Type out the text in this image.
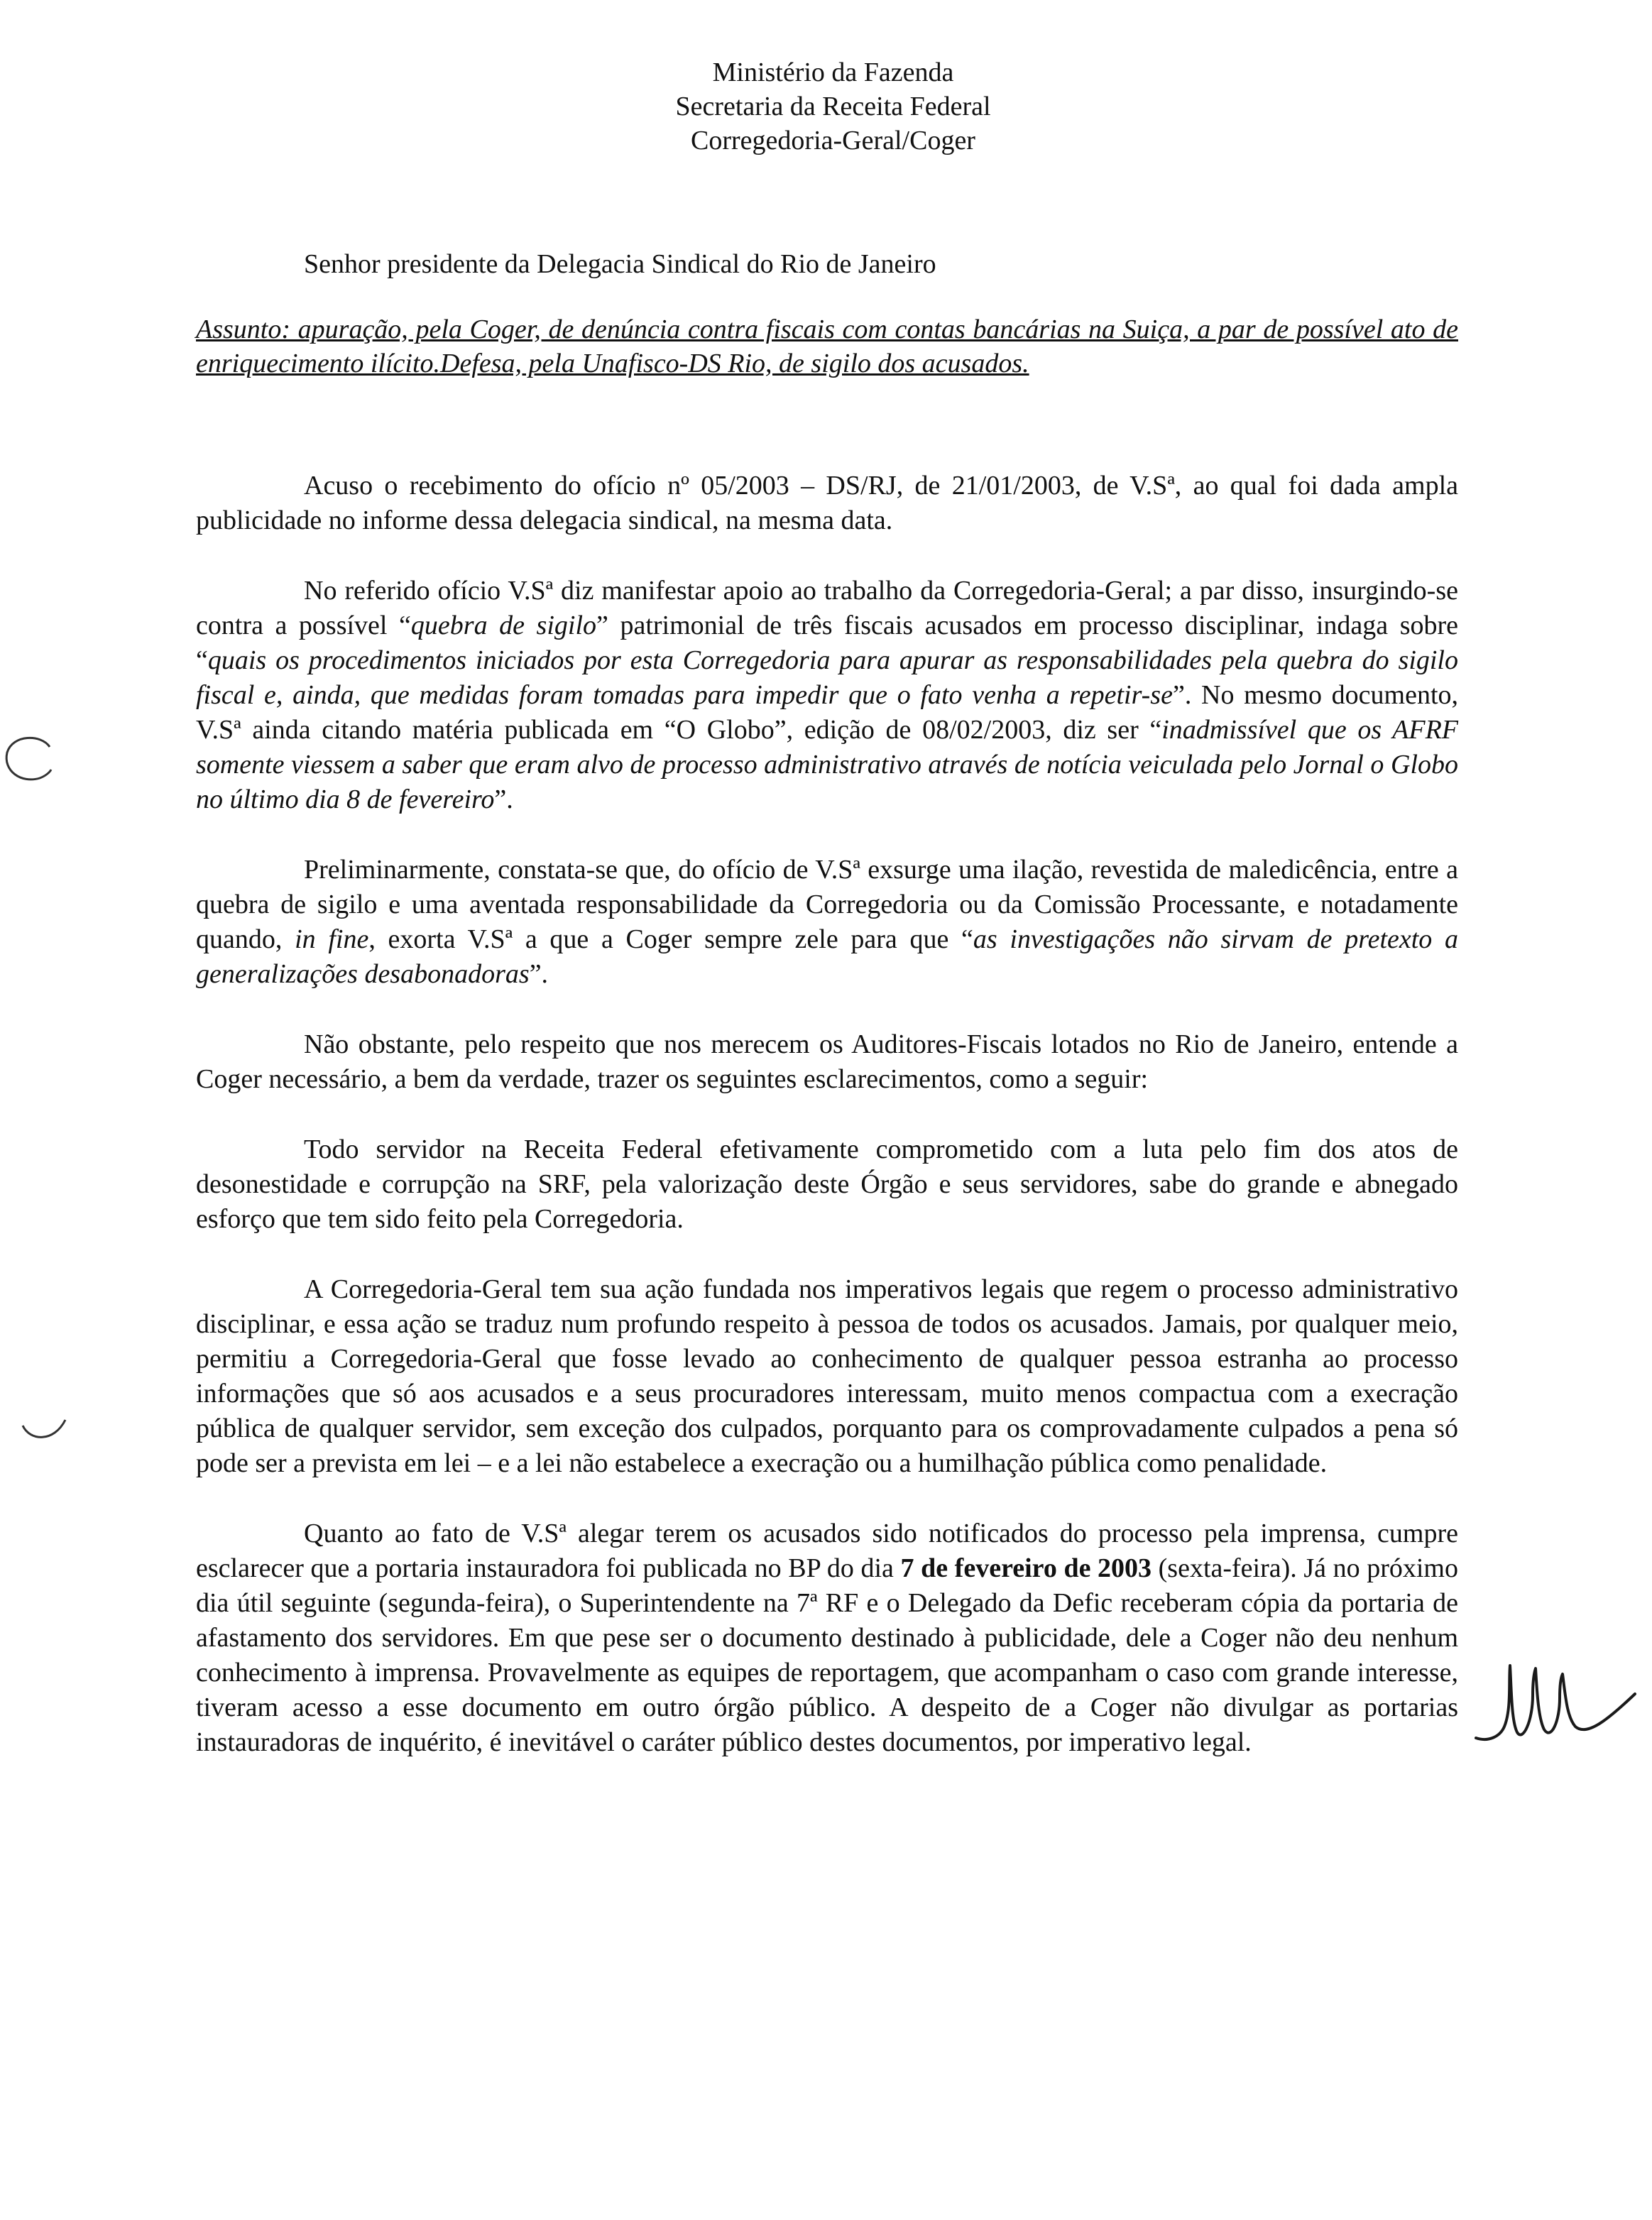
Ministério da Fazenda
Secretaria da Receita Federal
Corregedoria-Geral/Coger
Senhor presidente da Delegacia Sindical do Rio de Janeiro
Assunto: apuração, pela Coger, de denúncia contra fiscais com contas bancárias na Suiça, a par de possível ato de enriquecimento ilícito.Defesa, pela Unafisco-DS Rio, de sigilo dos acusados.

Acuso o recebimento do ofício nº 05/2003 – DS/RJ, de 21/01/2003, de V.Sª, ao qual foi dada ampla publicidade no informe dessa delegacia sindical, na mesma data.

No referido ofício V.Sª diz manifestar apoio ao trabalho da Corregedoria-Geral; a par disso, insurgindo-se contra a possível “quebra de sigilo” patrimonial de três fiscais acusados em processo disciplinar, indaga sobre “quais os procedimentos iniciados por esta Corregedoria para apurar as responsabilidades pela quebra do sigilo fiscal e, ainda, que medidas foram tomadas para impedir que o fato venha a repetir-se”. No mesmo documento, V.Sª ainda citando matéria publicada em “O Globo”, edição de 08/02/2003, diz ser “inadmissível que os AFRF somente viessem a saber que eram alvo de processo administrativo através de notícia veiculada pelo Jornal o Globo no último dia 8 de fevereiro”.

Preliminarmente, constata-se que, do ofício de V.Sª exsurge uma ilação, revestida de maledicência, entre a quebra de sigilo e uma aventada responsabilidade da Corregedoria ou da Comissão Processante, e notadamente quando, in fine, exorta V.Sª a que a Coger sempre zele para que “as investigações não sirvam de pretexto a generalizações desabonadoras”.

Não obstante, pelo respeito que nos merecem os Auditores-Fiscais lotados no Rio de Janeiro, entende a Coger necessário, a bem da verdade, trazer os seguintes esclarecimentos, como a seguir:

Todo servidor na Receita Federal efetivamente comprometido com a luta pelo fim dos atos de desonestidade e corrupção na SRF, pela valorização deste Órgão e seus servidores, sabe do grande e abnegado esforço que tem sido feito pela Corregedoria.

A Corregedoria-Geral tem sua ação fundada nos imperativos legais que regem o processo administrativo disciplinar, e essa ação se traduz num profundo respeito à pessoa de todos os acusados. Jamais, por qualquer meio, permitiu a Corregedoria-Geral que fosse levado ao conhecimento de qualquer pessoa estranha ao processo informações que só aos acusados e a seus procuradores interessam, muito menos compactua com a execração pública de qualquer servidor, sem exceção dos culpados, porquanto para os comprovadamente culpados a pena só pode ser a prevista em lei – e a lei não estabelece a execração ou a humilhação pública como penalidade.

Quanto ao fato de V.Sª alegar terem os acusados sido notificados do processo pela imprensa, cumpre esclarecer que a portaria instauradora foi publicada no BP do dia 7 de fevereiro de 2003 (sexta-feira). Já no próximo dia útil seguinte (segunda-feira), o Superintendente na 7ª RF e o Delegado da Defic receberam cópia da portaria de afastamento dos servidores. Em que pese ser o documento destinado à publicidade, dele a Coger não deu nenhum conhecimento à imprensa. Provavelmente as equipes de reportagem, que acompanham o caso com grande interesse, tiveram acesso a esse documento em outro órgão público. A despeito de a Coger não divulgar as portarias instauradoras de inquérito, é inevitável o caráter público destes documentos, por imperativo legal.
